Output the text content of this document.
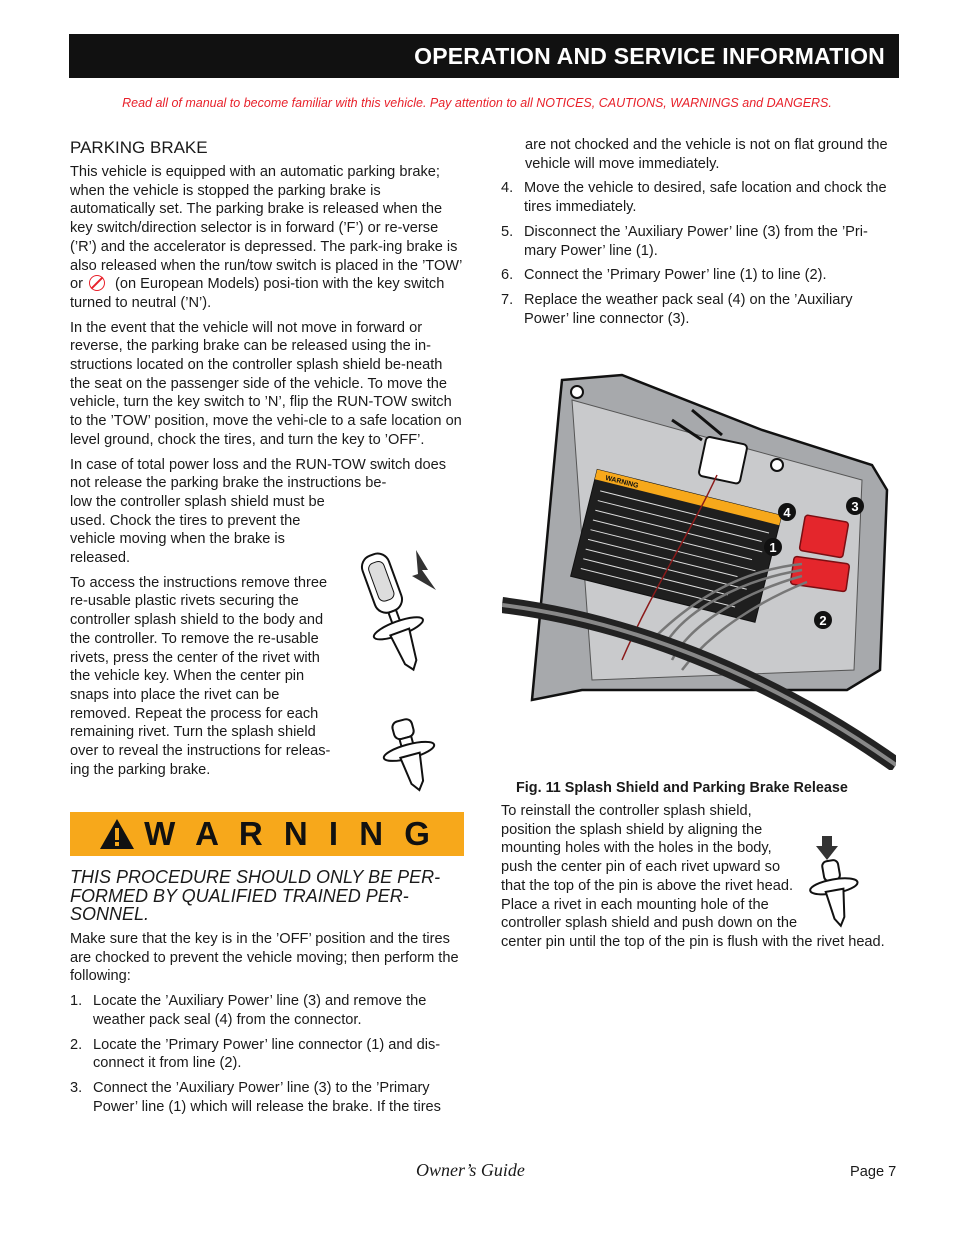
OPERATION AND SERVICE INFORMATION
Read all of manual to become familiar with this vehicle. Pay attention to all NOTICES, CAUTIONS, WARNINGS and DANGERS.
PARKING BRAKE

This vehicle is equipped with an automatic parking brake; when the vehicle is stopped the parking brake is automatically set. The parking brake is released when the key switch/direction selector is in forward (’F’) or re-verse (’R’) and the accelerator is depressed. The park-ing brake is also released when the run/tow switch is placed in the ’TOW’ or (on European Models) posi-tion with the key switch turned to neutral (’N’).

In the event that the vehicle will not move in forward or reverse, the parking brake can be released using the in-structions located on the controller splash shield be-neath the seat on the passenger side of the vehicle. To move the vehicle, turn the key switch to ’N’, flip the RUN-TOW switch to the ’TOW’ position, move the vehi-cle to a safe location on level ground, chock the tires, and turn the key to ’OFF’.

In case of total power loss and the RUN-TOW switch does not release the parking brake the instructions be-

low the controller splash shield must be used. Chock the tires to prevent the vehicle moving when the brake is released.

To access the instructions remove three re-usable plastic rivets securing the controller splash shield to the body and the controller. To remove the re-usable rivets, press the center of the rivet with the vehicle key. When the center pin snaps into place the rivet can be removed. Repeat the process for each remaining rivet. Turn the splash shield over to reveal the instructions for releas-ing the parking brake.

W A R N I N G
THIS PROCEDURE SHOULD ONLY BE PER-FORMED BY QUALIFIED TRAINED PER-SONNEL.

Make sure that the key is in the ’OFF’ position and the tires are chocked to prevent the vehicle moving; then perform the following:

1. Locate the ’Auxiliary Power’ line (3) and remove the weather pack seal (4) from the connector.
2. Locate the ’Primary Power’ line connector (1) and dis-connect it from line (2).
3. Connect the ’Auxiliary Power’ line (3) to the ’Primary Power’ line (1) which will release the brake. If the tires

are not chocked and the vehicle is not on flat ground the vehicle will move immediately.

4. Move the vehicle to desired, safe location and chock the tires immediately.
5. Disconnect the ’Auxiliary Power’ line (3) from the ’Pri-mary Power’ line (1).
6. Connect the ’Primary Power’ line (1) to line (2).
7. Replace the weather pack seal (4) on the ’Auxiliary Power’ line connector (3).
WARNING
4	3
1
2
Fig. 11 Splash Shield and Parking Brake Release
To reinstall the controller splash shield, position the splash shield by aligning the mounting holes with the holes in the body, push the center pin of each rivet upward so that the top of the pin is above the rivet head. Place a rivet in each mounting hole of the controller splash shield and push down on the
center pin until the top of the pin is flush with the rivet head.
Owner’s Guide	Page 7
